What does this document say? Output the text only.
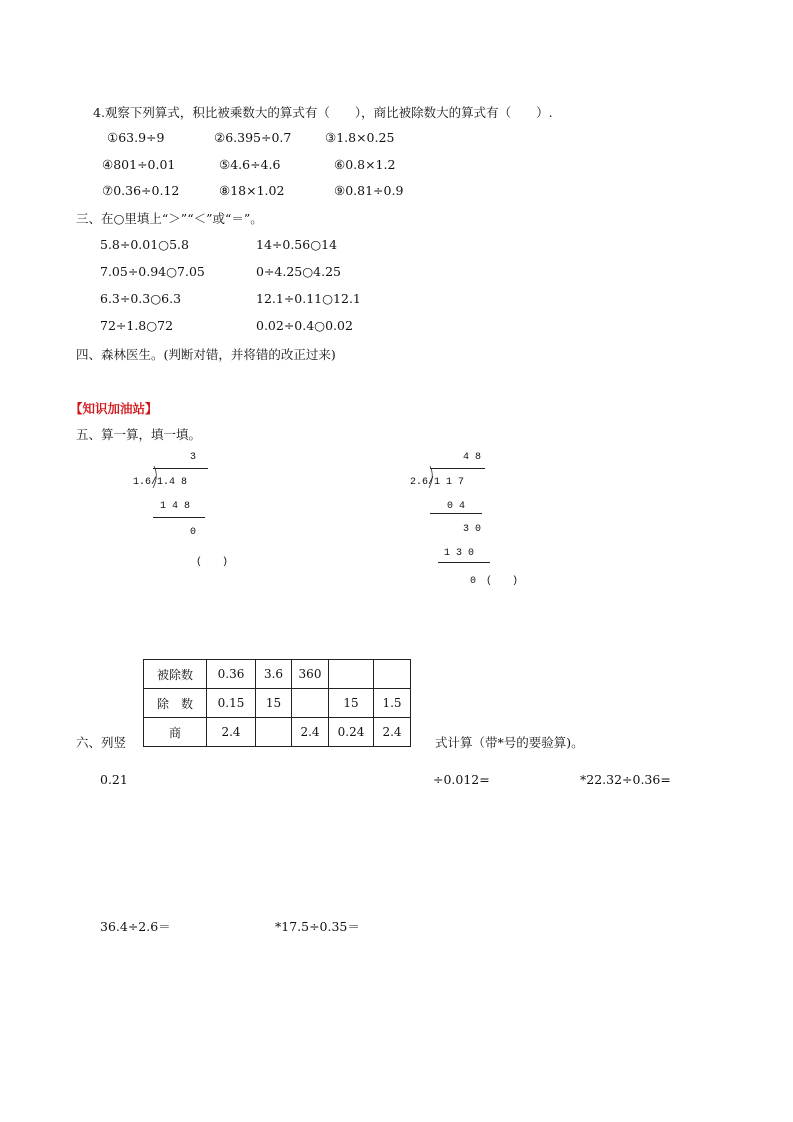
4.观察下列算式，积比被乘数大的算式有（　　），商比被除数大的算式有（　　）.
①63.9÷9	②6.395÷0.7	③1.8×0.25
④801÷0.01	⑤4.6÷4.6	⑥0.8×1.2
⑦0.36÷0.12	⑧18×1.02	⑨0.81÷0.9
三、在○里填上“＞”“＜”或“＝”。
5.8÷0.01○5.8	14÷0.56○14
7.05÷0.94○7.05	0÷4.25○4.25
6.3÷0.3○6.3	12.1÷0.11○12.1
72÷1.8○72	0.02÷0.4○0.02
四、森林医生。(判断对错，并将错的改正过来)
【知识加油站】
五、算一算，填一填。
3
1.6/1.4 8
1 4 8
0
(　　)
4 8
2.6/1 1 7
0 4
3 0
1 3 0
0　(　　)
被除数	0.36	3.6	360		
除　数	0.15	15		15	1.5
商	2.4		2.4	0.24	2.4
六、列竖	式计算（带*号的要验算)。
0.21	÷0.012=	*22.32÷0.36=
36.4÷2.6＝	*17.5÷0.35＝
